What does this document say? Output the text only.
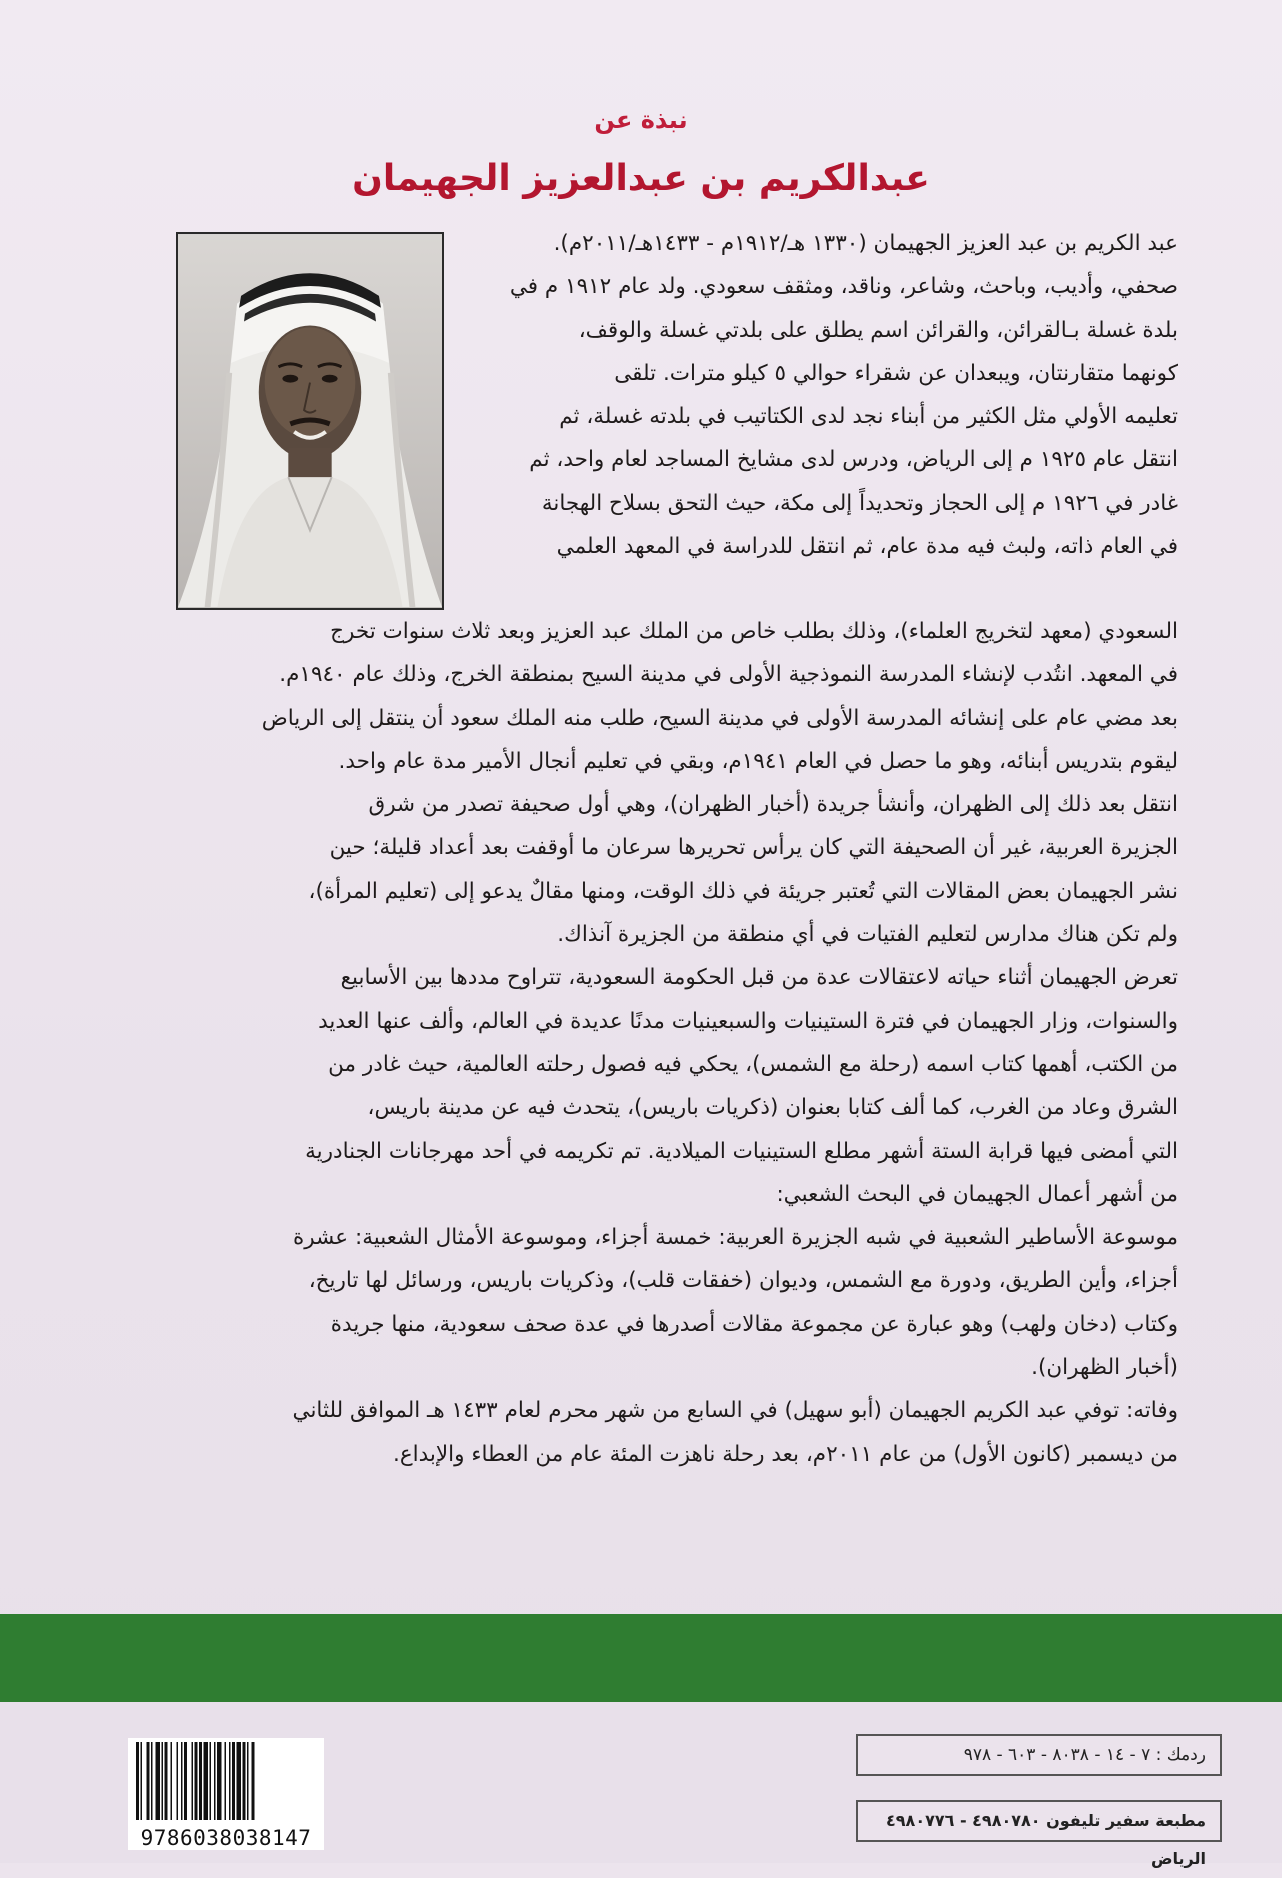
نبذة عن
عبدالكريم بن عبدالعزيز الجهيمان

عبد الكريم بن عبد العزيز الجهيمان (١٣٣٠ هـ/١٩١٢م - ١٤٣٣هـ/٢٠١١م).

صحفي، وأديب، وباحث، وشاعر، وناقد، ومثقف سعودي. ولد عام ١٩١٢ م في

بلدة غسلة بـالقرائن، والقرائن اسم يطلق على بلدتي غسلة والوقف،

كونهما متقارنتان، ويبعدان عن شقراء حوالي ٥ كيلو مترات. تلقى

تعليمه الأولي مثل الكثير من أبناء نجد لدى الكتاتيب في بلدته غسلة، ثم

انتقل عام ١٩٢٥ م إلى الرياض، ودرس لدى مشايخ المساجد لعام واحد، ثم

غادر في ١٩٢٦ م إلى الحجاز وتحديداً إلى مكة، حيث التحق بسلاح الهجانة

في العام ذاته، ولبث فيه مدة عام، ثم انتقل للدراسة في المعهد العلمي

السعودي (معهد لتخريج العلماء)، وذلك بطلب خاص من الملك عبد العزيز وبعد ثلاث سنوات تخرج

في المعهد. انتُدب لإنشاء المدرسة النموذجية الأولى في مدينة السيح بمنطقة الخرج، وذلك عام ١٩٤٠م.

بعد مضي عام على إنشائه المدرسة الأولى في مدينة السيح، طلب منه الملك سعود أن ينتقل إلى الرياض

ليقوم بتدريس أبنائه، وهو ما حصل في العام ١٩٤١م، وبقي في تعليم أنجال الأمير مدة عام واحد.

انتقل بعد ذلك إلى الظهران، وأنشأ جريدة (أخبار الظهران)، وهي أول صحيفة تصدر من شرق

الجزيرة العربية، غير أن الصحيفة التي كان يرأس تحريرها سرعان ما أوقفت بعد أعداد قليلة؛ حين

نشر الجهيمان بعض المقالات التي تُعتبر جريئة في ذلك الوقت، ومنها مقالٌ يدعو إلى (تعليم المرأة)،

ولم تكن هناك مدارس لتعليم الفتيات في أي منطقة من الجزيرة آنذاك.

تعرض الجهيمان أثناء حياته لاعتقالات عدة من قبل الحكومة السعودية، تتراوح مددها بين الأسابيع

والسنوات، وزار الجهيمان في فترة الستينيات والسبعينيات مدنًا عديدة في العالم، وألف عنها العديد

من الكتب، أهمها كتاب اسمه (رحلة مع الشمس)، يحكي فيه فصول رحلته العالمية، حيث غادر من

الشرق وعاد من الغرب، كما ألف كتابا بعنوان (ذكريات باريس)، يتحدث فيه عن مدينة باريس،

التي أمضى فيها قرابة الستة أشهر مطلع الستينيات الميلادية. تم تكريمه في أحد مهرجانات الجنادرية

من أشهر أعمال الجهيمان في البحث الشعبي:

موسوعة الأساطير الشعبية في شبه الجزيرة العربية: خمسة أجزاء، وموسوعة الأمثال الشعبية: عشرة

أجزاء، وأين الطريق، ودورة مع الشمس، وديوان (خفقات قلب)، وذكريات باريس، ورسائل لها تاريخ،

وكتاب (دخان ولهب) وهو عبارة عن مجموعة مقالات أصدرها في عدة صحف سعودية، منها جريدة

(أخبار الظهران).

وفاته: توفي عبد الكريم الجهيمان (أبو سهيل) في السابع من شهر محرم لعام ١٤٣٣ هـ الموافق للثاني

من ديسمبر (كانون الأول) من عام ٢٠١١م، بعد رحلة ناهزت المئة عام من العطاء والإبداع.

9786038038147
ردمك : ٧ - ١٤ - ٨٠٣٨ - ٦٠٣ - ٩٧٨
مطبعة سفير تليفون ٤٩٨٠٧٨٠ - ٤٩٨٠٧٧٦ الرياض
